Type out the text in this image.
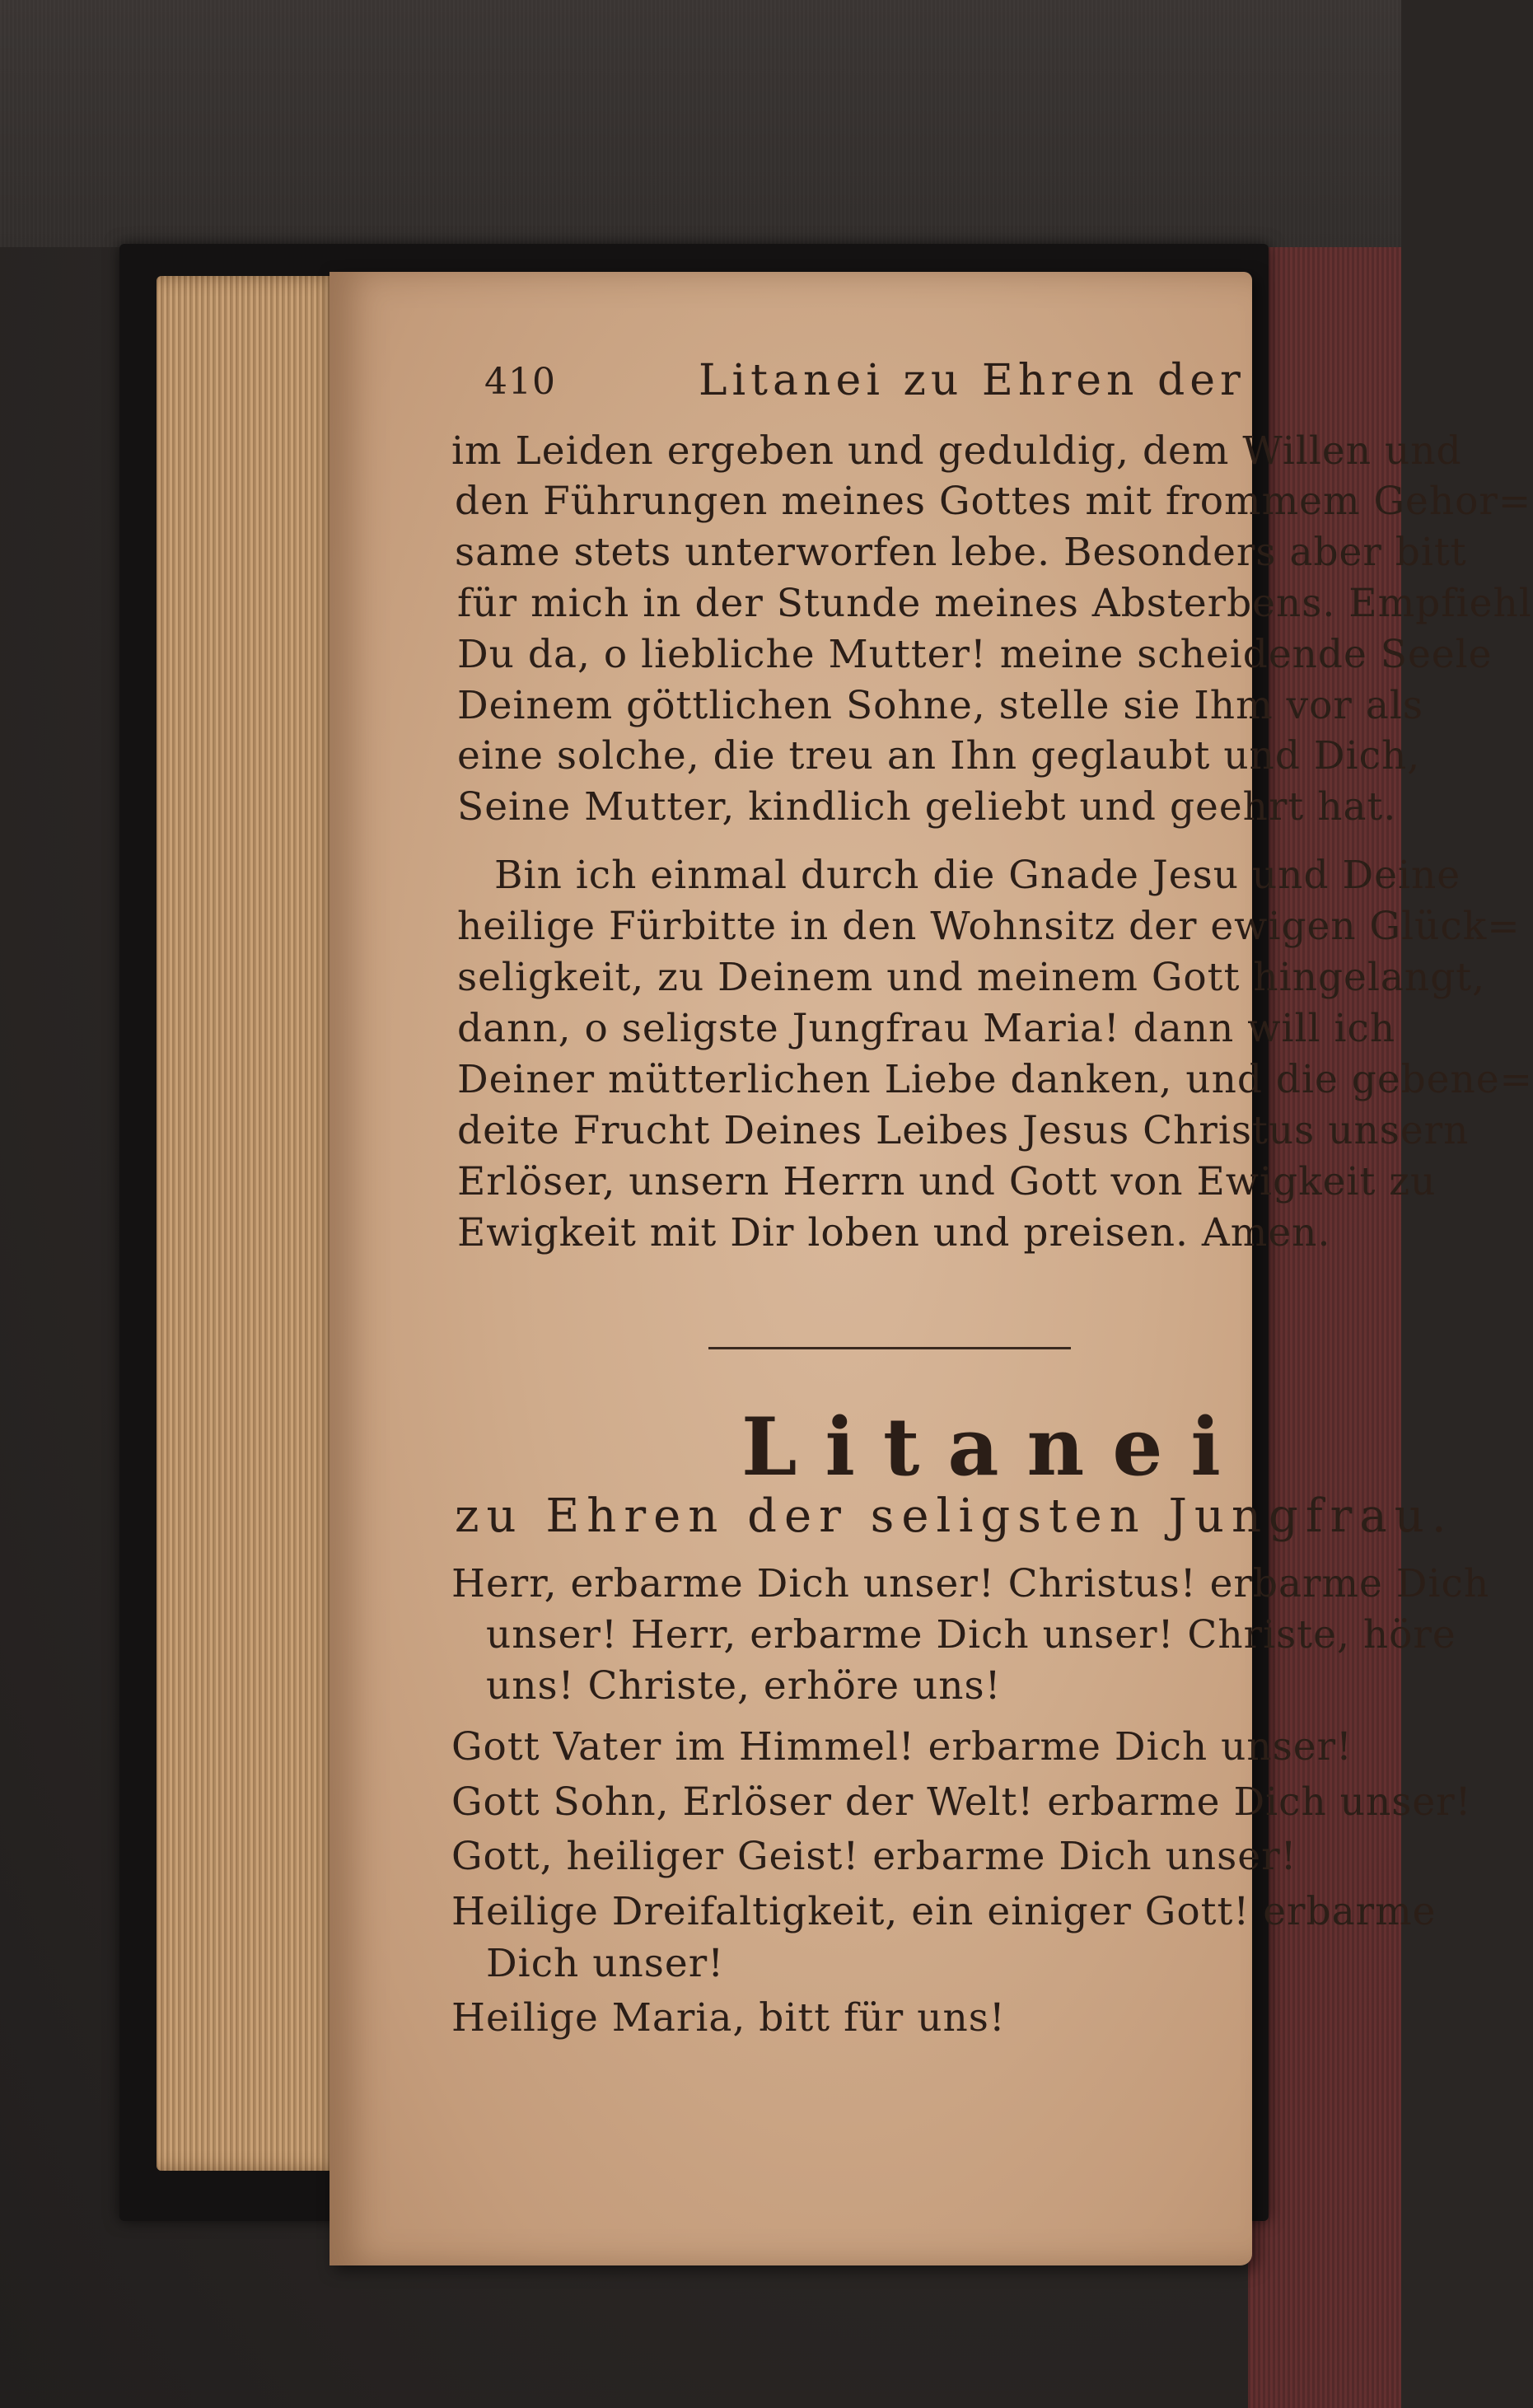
410	Litanei zu Ehren der
im Leiden ergeben und geduldig, dem Willen und
den Führungen meines Gottes mit frommem Gehor=
same stets unterworfen lebe. Besonders aber bitt
für mich in der Stunde meines Absterbens. Empfiehl
Du da, o liebliche Mutter! meine scheidende Seele
Deinem göttlichen Sohne, stelle sie Ihm vor als
eine solche, die treu an Ihn geglaubt und Dich,
Seine Mutter, kindlich geliebt und geehrt hat.
Bin ich einmal durch die Gnade Jesu und Deine
heilige Fürbitte in den Wohnsitz der ewigen Glück=
seligkeit, zu Deinem und meinem Gott hingelangt,
dann, o seligste Jungfrau Maria! dann will ich
Deiner mütterlichen Liebe danken, und die gebene=
deite Frucht Deines Leibes Jesus Christus unsern
Erlöser, unsern Herrn und Gott von Ewigkeit zu
Ewigkeit mit Dir loben und preisen. Amen.
Litanei
zu Ehren der seligsten Jungfrau.
Herr, erbarme Dich unser! Christus! erbarme Dich
unser! Herr, erbarme Dich unser! Christe, höre
uns! Christe, erhöre uns!
Gott Vater im Himmel! erbarme Dich unser!
Gott Sohn, Erlöser der Welt! erbarme Dich unser!
Gott, heiliger Geist! erbarme Dich unser!
Heilige Dreifaltigkeit, ein einiger Gott! erbarme
Dich unser!
Heilige Maria, bitt für uns!
